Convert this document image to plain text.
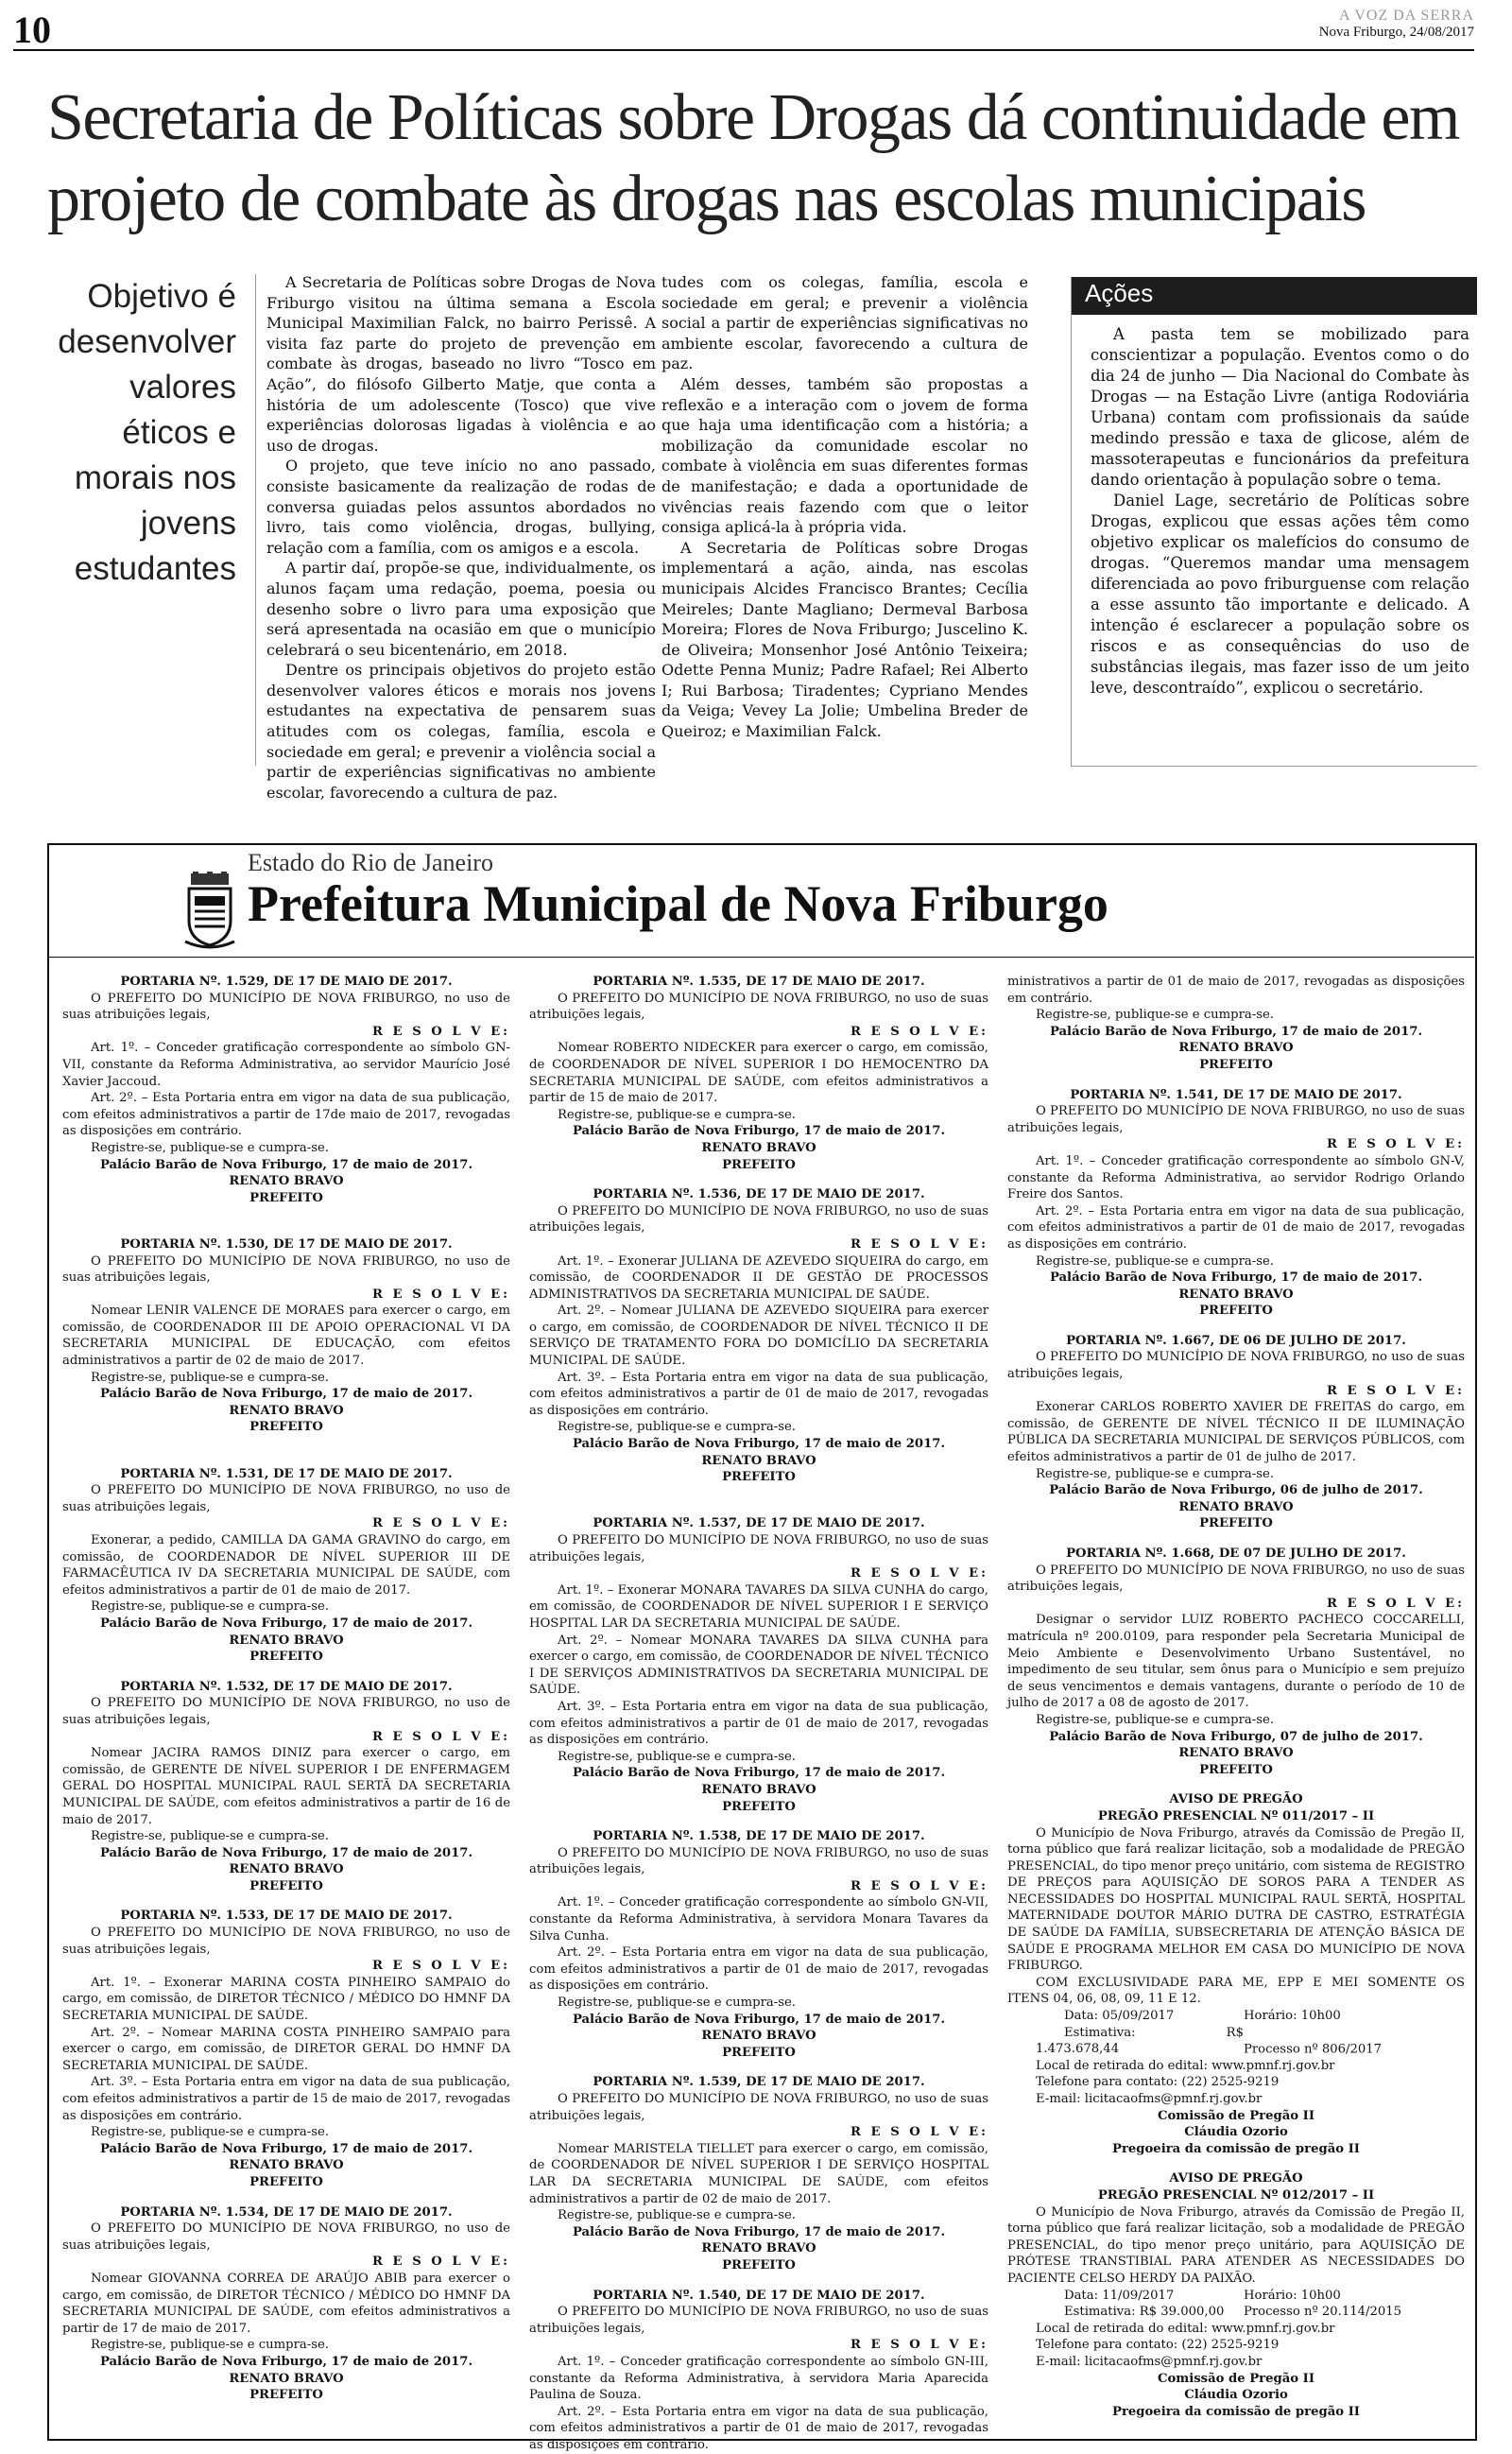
10	A VOZ DA SERRA
Nova Friburgo, 24/08/2017
Secretaria de Políticas sobre Drogas dá continuidade em
projeto de combate às drogas nas escolas municipais
Objetivo é desenvolver valores éticos e morais nos jovens estudantes

A Secretaria de Políticas sobre Drogas de Nova Friburgo visitou na última semana a Escola Municipal Maximilian Falck, no bairro Perissê. A visita faz parte do projeto de prevenção em combate às drogas, baseado no livro “Tosco em Ação”, do filósofo Gilberto Matje, que conta a história de um adolescente (Tosco) que vive experiências dolorosas ligadas à violência e ao uso de drogas.

O projeto, que teve início no ano passado, consiste basicamente da realização de rodas de conversa guiadas pelos assuntos abordados no livro, tais como violência, drogas, bullying, relação com a família, com os amigos e a escola.

A partir daí, propõe-se que, individualmente, os alunos façam uma redação, poema, poesia ou desenho sobre o livro para uma exposição que será apresentada na ocasião em que o município celebrará o seu bicentenário, em 2018.

Dentre os principais objetivos do projeto estão desenvolver valores éticos e morais nos jovens estudantes na expectativa de pensarem suas atitudes com os colegas, família, escola e sociedade em geral; e prevenir a violência social a partir de experiências significativas no ambiente escolar, favorecendo a cultura de paz.

tudes com os colegas, família, escola e sociedade em geral; e prevenir a violência social a partir de experiências significativas no ambiente escolar, favorecendo a cultura de paz.

Além desses, também são propostas a reflexão e a interação com o jovem de forma que haja uma identificação com a história; a mobilização da comunidade escolar no combate à violência em suas diferentes formas de manifestação; e dada a oportunidade de vivências reais fazendo com que o leitor consiga aplicá-la à própria vida.

A Secretaria de Políticas sobre Drogas implementará a ação, ainda, nas escolas municipais Alcides Francisco Brantes; Cecília Meireles; Dante Magliano; Dermeval Barbosa Moreira; Flores de Nova Friburgo; Juscelino K. de Oliveira; Monsenhor José Antônio Teixeira; Odette Penna Muniz; Padre Rafael; Rei Alberto I; Rui Barbosa; Tiradentes; Cypriano Mendes da Veiga; Vevey La Jolie; Umbelina Breder de Queiroz; e Maximilian Falck.

Ações

A pasta tem se mobilizado para conscientizar a população. Eventos como o do dia 24 de junho — Dia Nacional do Combate às Drogas — na Estação Livre (antiga Rodoviária Urbana) contam com profissionais da saúde medindo pressão e taxa de glicose, além de massoterapeutas e funcionários da prefeitura dando orientação à população sobre o tema.

Daniel Lage, secretário de Políticas sobre Drogas, explicou que essas ações têm como objetivo explicar os malefícios do consumo de drogas. “Queremos mandar uma mensagem diferenciada ao povo friburguense com relação a esse assunto tão importante e delicado. A intenção é esclarecer a população sobre os riscos e as consequências do uso de substâncias ilegais, mas fazer isso de um jeito leve, descontraído”, explicou o secretário.

Estado do Rio de Janeiro
Prefeitura Municipal de Nova Friburgo
PORTARIA Nº. 1.529, DE 17 DE MAIO DE 2017.
O PREFEITO DO MUNICÍPIO DE NOVA FRIBURGO, no uso de suas atribuições legais,
R E S O L V E:
Art. 1º. – Conceder gratificação correspondente ao símbolo GN-VII, constante da Reforma Administrativa, ao servidor Maurício José Xavier Jaccoud.
Art. 2º. – Esta Portaria entra em vigor na data de sua publicação, com efeitos administrativos a partir de 17de maio de 2017, revogadas as disposições em contrário.
Registre-se, publique-se e cumpra-se.
Palácio Barão de Nova Friburgo, 17 de maio de 2017.
RENATO BRAVO
PREFEITO
PORTARIA Nº. 1.530, DE 17 DE MAIO DE 2017.
O PREFEITO DO MUNICÍPIO DE NOVA FRIBURGO, no uso de suas atribuições legais,
R E S O L V E:
Nomear LENIR VALENCE DE MORAES para exercer o cargo, em comissão, de COORDENADOR III DE APOIO OPERACIONAL VI DA SECRETARIA MUNICIPAL DE EDUCAÇÃO, com efeitos administrativos a partir de 02 de maio de 2017.
Registre-se, publique-se e cumpra-se.
Palácio Barão de Nova Friburgo, 17 de maio de 2017.
RENATO BRAVO
PREFEITO
PORTARIA Nº. 1.531, DE 17 DE MAIO DE 2017.
O PREFEITO DO MUNICÍPIO DE NOVA FRIBURGO, no uso de suas atribuições legais,
R E S O L V E:
Exonerar, a pedido, CAMILLA DA GAMA GRAVINO do cargo, em comissão, de COORDENADOR DE NÍVEL SUPERIOR III DE FARMACÊUTICA IV DA SECRETARIA MUNICIPAL DE SAÚDE, com efeitos administrativos a partir de 01 de maio de 2017.
Registre-se, publique-se e cumpra-se.
Palácio Barão de Nova Friburgo, 17 de maio de 2017.
RENATO BRAVO
PREFEITO
PORTARIA Nº. 1.532, DE 17 DE MAIO DE 2017.
O PREFEITO DO MUNICÍPIO DE NOVA FRIBURGO, no uso de suas atribuições legais,
R E S O L V E:
Nomear JACIRA RAMOS DINIZ para exercer o cargo, em comissão, de GERENTE DE NÍVEL SUPERIOR I DE ENFERMAGEM GERAL DO HOSPITAL MUNICIPAL RAUL SERTÃ DA SECRETARIA MUNICIPAL DE SAÚDE, com efeitos administrativos a partir de 16 de maio de 2017.
Registre-se, publique-se e cumpra-se.
Palácio Barão de Nova Friburgo, 17 de maio de 2017.
RENATO BRAVO
PREFEITO
PORTARIA Nº. 1.533, DE 17 DE MAIO DE 2017.
O PREFEITO DO MUNICÍPIO DE NOVA FRIBURGO, no uso de suas atribuições legais,
R E S O L V E:
Art. 1º. – Exonerar MARINA COSTA PINHEIRO SAMPAIO do cargo, em comissão, de DIRETOR TÉCNICO / MÉDICO DO HMNF DA SECRETARIA MUNICIPAL DE SAÚDE.
Art. 2º. – Nomear MARINA COSTA PINHEIRO SAMPAIO para exercer o cargo, em comissão, de DIRETOR GERAL DO HMNF DA SECRETARIA MUNICIPAL DE SAÚDE.
Art. 3º. – Esta Portaria entra em vigor na data de sua publicação, com efeitos administrativos a partir de 15 de maio de 2017, revogadas as disposições em contrário.
Registre-se, publique-se e cumpra-se.
Palácio Barão de Nova Friburgo, 17 de maio de 2017.
RENATO BRAVO
PREFEITO
PORTARIA Nº. 1.534, DE 17 DE MAIO DE 2017.
O PREFEITO DO MUNICÍPIO DE NOVA FRIBURGO, no uso de suas atribuições legais,
R E S O L V E:
Nomear GIOVANNA CORREA DE ARAÚJO ABIB para exercer o cargo, em comissão, de DIRETOR TÉCNICO / MÉDICO DO HMNF DA SECRETARIA MUNICIPAL DE SAÚDE, com efeitos administrativos a partir de 17 de maio de 2017.
Registre-se, publique-se e cumpra-se.
Palácio Barão de Nova Friburgo, 17 de maio de 2017.
RENATO BRAVO
PREFEITO
PORTARIA Nº. 1.535, DE 17 DE MAIO DE 2017.
O PREFEITO DO MUNICÍPIO DE NOVA FRIBURGO, no uso de suas atribuições legais,
R E S O L V E:
Nomear ROBERTO NIDECKER para exercer o cargo, em comissão, de COORDENADOR DE NÍVEL SUPERIOR I DO HEMOCENTRO DA SECRETARIA MUNICIPAL DE SAÚDE, com efeitos administrativos a partir de 15 de maio de 2017.
Registre-se, publique-se e cumpra-se.
Palácio Barão de Nova Friburgo, 17 de maio de 2017.
RENATO BRAVO
PREFEITO
PORTARIA Nº. 1.536, DE 17 DE MAIO DE 2017.
O PREFEITO DO MUNICÍPIO DE NOVA FRIBURGO, no uso de suas atribuições legais,
R E S O L V E:
Art. 1º. – Exonerar JULIANA DE AZEVEDO SIQUEIRA do cargo, em comissão, de COORDENADOR II DE GESTÃO DE PROCESSOS ADMINISTRATIVOS DA SECRETARIA MUNICIPAL DE SAÚDE.
Art. 2º. – Nomear JULIANA DE AZEVEDO SIQUEIRA para exercer o cargo, em comissão, de COORDENADOR DE NÍVEL TÉCNICO II DE SERVIÇO DE TRATAMENTO FORA DO DOMICÍLIO DA SECRETARIA MUNICIPAL DE SAÚDE.
Art. 3º. – Esta Portaria entra em vigor na data de sua publicação, com efeitos administrativos a partir de 01 de maio de 2017, revogadas as disposições em contrário.
Registre-se, publique-se e cumpra-se.
Palácio Barão de Nova Friburgo, 17 de maio de 2017.
RENATO BRAVO
PREFEITO
PORTARIA Nº. 1.537, DE 17 DE MAIO DE 2017.
O PREFEITO DO MUNICÍPIO DE NOVA FRIBURGO, no uso de suas atribuições legais,
R E S O L V E:
Art. 1º. – Exonerar MONARA TAVARES DA SILVA CUNHA do cargo, em comissão, de COORDENADOR DE NÍVEL SUPERIOR I E SERVIÇO HOSPITAL LAR DA SECRETARIA MUNICIPAL DE SAÚDE.
Art. 2º. – Nomear MONARA TAVARES DA SILVA CUNHA para exercer o cargo, em comissão, de COORDENADOR DE NÍVEL TÉCNICO I DE SERVIÇOS ADMINISTRATIVOS DA SECRETARIA MUNICIPAL DE SAÚDE.
Art. 3º. – Esta Portaria entra em vigor na data de sua publicação, com efeitos administrativos a partir de 01 de maio de 2017, revogadas as disposições em contrário.
Registre-se, publique-se e cumpra-se.
Palácio Barão de Nova Friburgo, 17 de maio de 2017.
RENATO BRAVO
PREFEITO
PORTARIA Nº. 1.538, DE 17 DE MAIO DE 2017.
O PREFEITO DO MUNICÍPIO DE NOVA FRIBURGO, no uso de suas atribuições legais,
R E S O L V E:
Art. 1º. – Conceder gratificação correspondente ao símbolo GN-VII, constante da Reforma Administrativa, à servidora Monara Tavares da Silva Cunha.
Art. 2º. – Esta Portaria entra em vigor na data de sua publicação, com efeitos administrativos a partir de 01 de maio de 2017, revogadas as disposições em contrário.
Registre-se, publique-se e cumpra-se.
Palácio Barão de Nova Friburgo, 17 de maio de 2017.
RENATO BRAVO
PREFEITO
PORTARIA Nº. 1.539, DE 17 DE MAIO DE 2017.
O PREFEITO DO MUNICÍPIO DE NOVA FRIBURGO, no uso de suas atribuições legais,
R E S O L V E:
Nomear MARISTELA TIELLET para exercer o cargo, em comissão, de COORDENADOR DE NÍVEL SUPERIOR I DE SERVIÇO HOSPITAL LAR DA SECRETARIA MUNICIPAL DE SAÚDE, com efeitos administrativos a partir de 02 de maio de 2017.
Registre-se, publique-se e cumpra-se.
Palácio Barão de Nova Friburgo, 17 de maio de 2017.
RENATO BRAVO
PREFEITO
PORTARIA Nº. 1.540, DE 17 DE MAIO DE 2017.
O PREFEITO DO MUNICÍPIO DE NOVA FRIBURGO, no uso de suas atribuições legais,
R E S O L V E:
Art. 1º. – Conceder gratificação correspondente ao símbolo GN-III, constante da Reforma Administrativa, à servidora Maria Aparecida Paulina de Souza.
Art. 2º. – Esta Portaria entra em vigor na data de sua publicação, com efeitos administrativos a partir de 01 de maio de 2017, revogadas as disposições em contrário.
ministrativos a partir de 01 de maio de 2017, revogadas as disposições em contrário.
Registre-se, publique-se e cumpra-se.
Palácio Barão de Nova Friburgo, 17 de maio de 2017.
RENATO BRAVO
PREFEITO
PORTARIA Nº. 1.541, DE 17 DE MAIO DE 2017.
O PREFEITO DO MUNICÍPIO DE NOVA FRIBURGO, no uso de suas atribuições legais,
R E S O L V E:
Art. 1º. – Conceder gratificação correspondente ao símbolo GN-V, constante da Reforma Administrativa, ao servidor Rodrigo Orlando Freire dos Santos.
Art. 2º. – Esta Portaria entra em vigor na data de sua publicação, com efeitos administrativos a partir de 01 de maio de 2017, revogadas as disposições em contrário.
Registre-se, publique-se e cumpra-se.
Palácio Barão de Nova Friburgo, 17 de maio de 2017.
RENATO BRAVO
PREFEITO
PORTARIA Nº. 1.667, DE 06 DE JULHO DE 2017.
O PREFEITO DO MUNICÍPIO DE NOVA FRIBURGO, no uso de suas atribuições legais,
R E S O L V E:
Exonerar CARLOS ROBERTO XAVIER DE FREITAS do cargo, em comissão, de GERENTE DE NÍVEL TÉCNICO II DE ILUMINAÇÃO PÚBLICA DA SECRETARIA MUNICIPAL DE SERVIÇOS PÚBLICOS, com efeitos administrativos a partir de 01 de julho de 2017.
Registre-se, publique-se e cumpra-se.
Palácio Barão de Nova Friburgo, 06 de julho de 2017.
RENATO BRAVO
PREFEITO
PORTARIA Nº. 1.668, DE 07 DE JULHO DE 2017.
O PREFEITO DO MUNICÍPIO DE NOVA FRIBURGO, no uso de suas atribuições legais,
R E S O L V E:
Designar o servidor LUIZ ROBERTO PACHECO COCCARELLI, matrícula nº 200.0109, para responder pela Secretaria Municipal de Meio Ambiente e Desenvolvimento Urbano Sustentável, no impedimento de seu titular, sem ônus para o Município e sem prejuízo de seus vencimentos e demais vantagens, durante o período de 10 de julho de 2017 a 08 de agosto de 2017.
Registre-se, publique-se e cumpra-se.
Palácio Barão de Nova Friburgo, 07 de julho de 2017.
RENATO BRAVO
PREFEITO
AVISO DE PREGÃO
PREGÃO PRESENCIAL Nº 011/2017 – II
O Município de Nova Friburgo, através da Comissão de Pregão II, torna público que fará realizar licitação, sob a modalidade de PREGÃO PRESENCIAL, do tipo menor preço unitário, com sistema de REGISTRO DE PREÇOS para AQUISIÇÃO DE SOROS PARA A TENDER AS NECESSIDADES DO HOSPITAL MUNICIPAL RAUL SERTÃ, HOSPITAL MATERNIDADE DOUTOR MÁRIO DUTRA DE CASTRO, ESTRATÉGIA DE SAÚDE DA FAMÍLIA, SUBSECRETARIA DE ATENÇÃO BÁSICA DE SAÚDE E PROGRAMA MELHOR EM CASA DO MUNICÍPIO DE NOVA FRIBURGO.
COM EXCLUSIVIDADE PARA ME, EPP E MEI SOMENTE OS ITENS 04, 06, 08, 09, 11 E 12.
Data: 05/09/2017	Horário: 10h00
Estimativa: R$ 1.473.678,44	Processo nº 806/2017
Local de retirada do edital: www.pmnf.rj.gov.br
Telefone para contato: (22) 2525-9219
E-mail: licitacaofms@pmnf.rj.gov.br
Comissão de Pregão II
Cláudia Ozorio
Pregoeira da comissão de pregão II
AVISO DE PREGÃO
PREGÃO PRESENCIAL Nº 012/2017 – II
O Município de Nova Friburgo, através da Comissão de Pregão II, torna público que fará realizar licitação, sob a modalidade de PREGÃO PRESENCIAL, do tipo menor preço unitário, para AQUISIÇÃO DE PRÓTESE TRANSTIBIAL PARA ATENDER AS NECESSIDADES DO PACIENTE CELSO HERDY DA PAIXÃO.
Data: 11/09/2017	Horário: 10h00
Estimativa: R$ 39.000,00 Processo nº 20.114/2015
Local de retirada do edital: www.pmnf.rj.gov.br
Telefone para contato: (22) 2525-9219
E-mail: licitacaofms@pmnf.rj.gov.br
Comissão de Pregão II
Cláudia Ozorio
Pregoeira da comissão de pregão II
